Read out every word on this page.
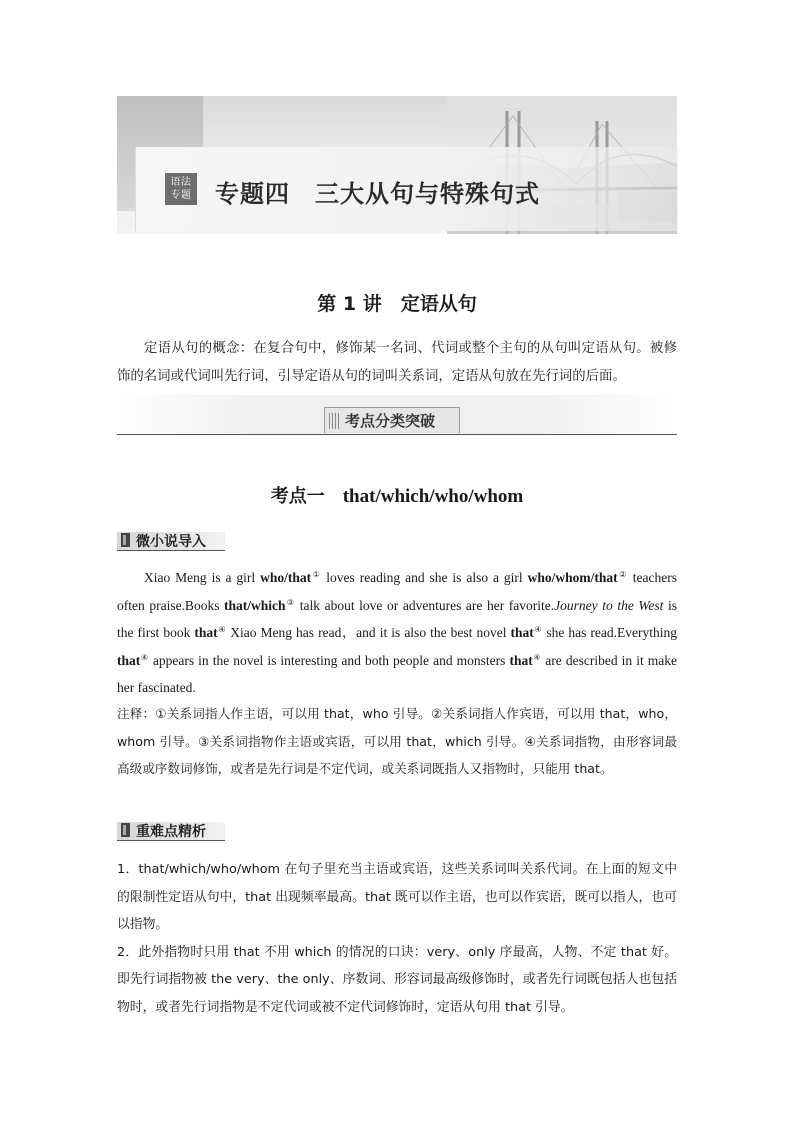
语法
专题 专题四　三大从句与特殊句式
第 1 讲　定语从句

定语从句的概念：在复合句中，修饰某一名词、代词或整个主句的从句叫定语从句。被修饰的名词或代词叫先行词，引导定语从句的词叫关系词，定语从句放在先行词的后面。

考点分类突破
考点一　 that/which/who/whom
微小说导入

Xiao Meng is a girl who/that① loves reading and she is also a girl who/whom/that② teachers often praise.Books that/which③ talk about love or adventures are her favorite.Journey to the West is the first book that④ Xiao Meng has read，and it is also the best novel that④ she has read.Everything that④ appears in the novel is interesting and both people and monsters that④ are described in it make her fascinated.

注释：①关系词指人作主语，可以用 that，who 引导。②关系词指人作宾语，可以用 that，who，whom 引导。③关系词指物作主语或宾语，可以用 that，which 引导。④关系词指物，由形容词最高级或序数词修饰，或者是先行词是不定代词，或关系词既指人又指物时，只能用 that。

重难点精析

1．that/which/who/whom 在句子里充当主语或宾语，这些关系词叫关系代词。在上面的短文中的限制性定语从句中，that 出现频率最高。that 既可以作主语，也可以作宾语，既可以指人，也可以指物。

2．此外指物时只用 that 不用 which 的情况的口诀：very、only 序最高，人物、不定 that 好。即先行词指物被 the very、the only、序数词、形容词最高级修饰时，或者先行词既包括人也包括物时，或者先行词指物是不定代词或被不定代词修饰时，定语从句用 that 引导。
